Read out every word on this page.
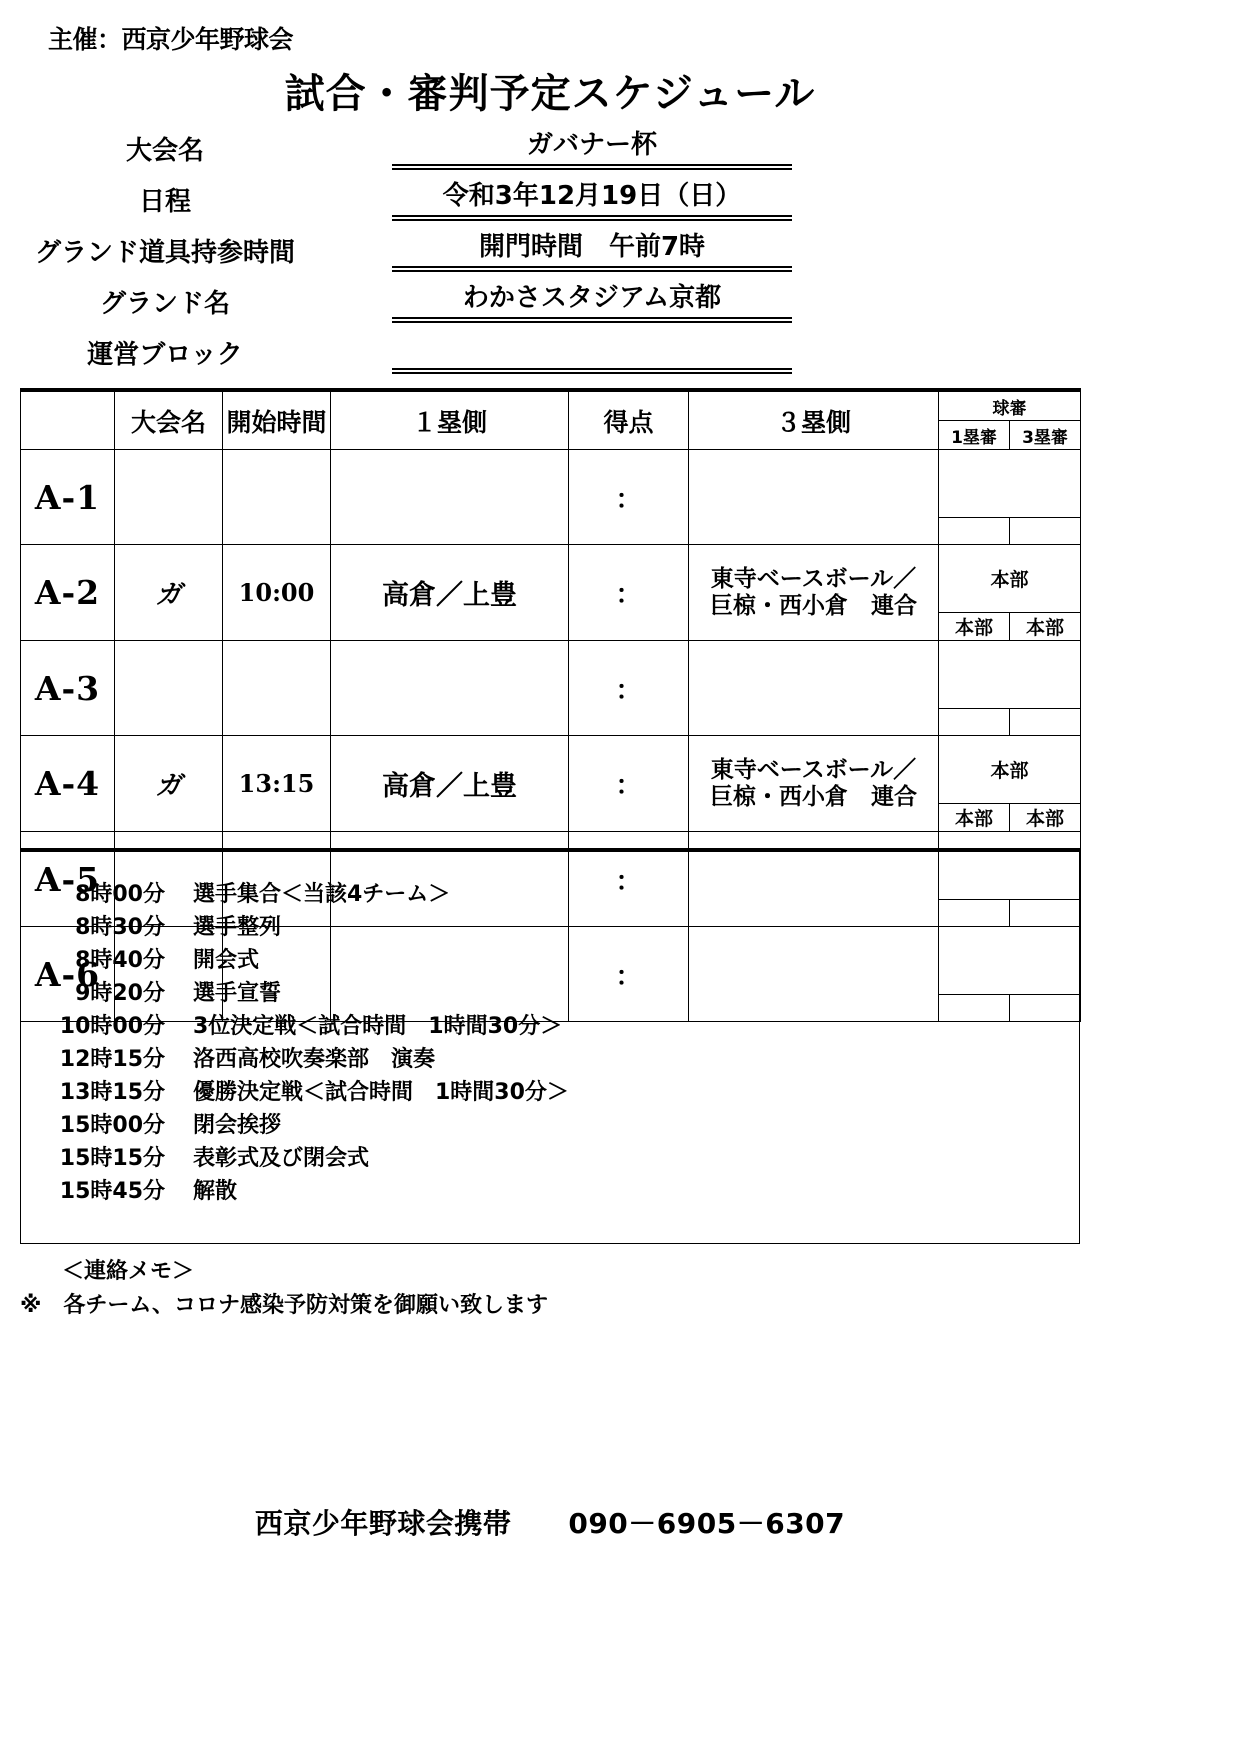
主催：西京少年野球会
試合・審判予定スケジュール
大会名	ガバナー杯
日程	令和3年12月19日（日）
グランド道具持参時間	開門時間　午前7時
グランド名	わかさスタジアム京都
運営ブロック
	大会名	開始時間	１塁側	得点	３塁側	球審	
						1塁審	3塁審
A-1				：		

A-2	ガ	10:00	高倉／上豊	：	東寺ベースボール／
巨椋・西小倉　連合	本部	
						本部	本部
A-3				：		

A-4	ガ	13:15	高倉／上豊	：	東寺ベースボール／
巨椋・西小倉　連合	本部	
						本部	本部
A-5				：		

A-6				：		

8時00分 選手集合＜当該4チーム＞
8時30分 選手整列
8時40分 開会式
9時20分 選手宣誓
10時00分 3位決定戦＜試合時間　1時間30分＞
12時15分 洛西高校吹奏楽部　演奏
13時15分 優勝決定戦＜試合時間　1時間30分＞
15時00分 閉会挨拶
15時15分 表彰式及び閉会式
15時45分 解散
＜連絡メモ＞
※　各チーム、コロナ感染予防対策を御願い致します
西京少年野球会携帯　　090－6905－6307
